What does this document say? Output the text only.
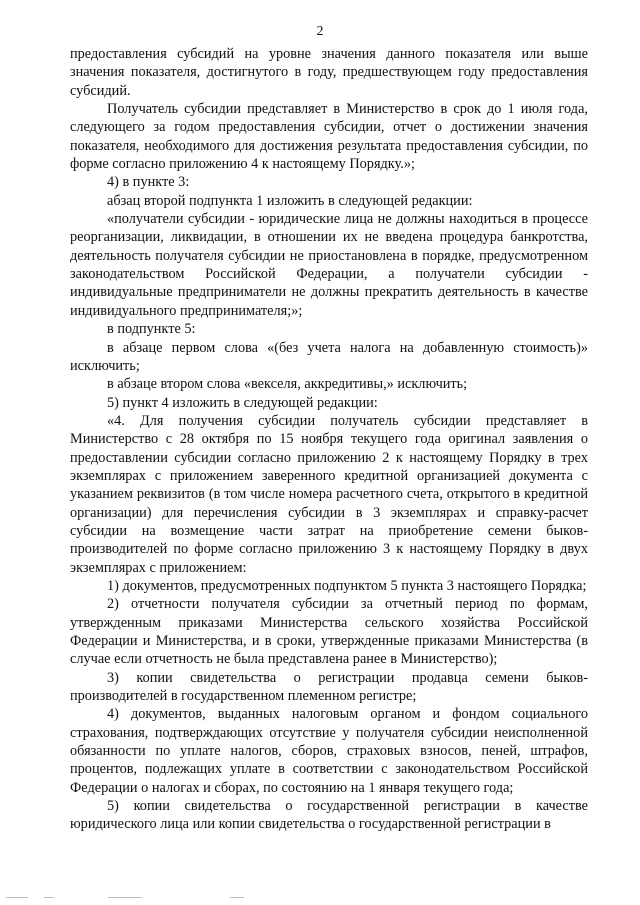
2

предоставления субсидий на уровне значения данного показателя или выше значения показателя, достигнутого в году, предшествующем году предоставления субсидий.

Получатель субсидии представляет в Министерство в срок до 1 июля года, следующего за годом предоставления субсидии, отчет о достижении значения показателя, необходимого для достижения результата предоставления субсидии, по форме согласно приложению 4 к настоящему Порядку.»;

4) в пункте 3:

абзац второй подпункта 1 изложить в следующей редакции:

«получатели субсидии - юридические лица не должны находиться в процессе реорганизации, ликвидации, в отношении их не введена процедура банкротства, деятельность получателя субсидии не приостановлена в порядке, предусмотренном законодательством Российской Федерации, а получатели субсидии - индивидуальные предприниматели не должны прекратить деятельность в качестве индивидуального предпринимателя;»;

в подпункте 5:

в абзаце первом слова «(без учета налога на добавленную стоимость)» исключить;

в абзаце втором слова «векселя, аккредитивы,» исключить;

5) пункт 4 изложить в следующей редакции:

«4. Для получения субсидии получатель субсидии представляет в Министерство с 28 октября по 15 ноября текущего года оригинал заявления о предоставлении субсидии согласно приложению 2 к настоящему Порядку в трех экземплярах с приложением заверенного кредитной организацией документа с указанием реквизитов (в том числе номера расчетного счета, открытого в кредитной организации) для перечисления субсидии в 3 экземплярах и справку-расчет субсидии на возмещение части затрат на приобретение семени быков-производителей по форме согласно приложению 3 к настоящему Порядку в двух экземплярах с приложением:

1) документов, предусмотренных подпунктом 5 пункта 3 настоящего Порядка;

2) отчетности получателя субсидии за отчетный период по формам, утвержденным приказами Министерства сельского хозяйства Российской Федерации и Министерства, и в сроки, утвержденные приказами Министерства (в случае если отчетность не была представлена ранее в Министерство);

3) копии свидетельства о регистрации продавца семени быков-производителей в государственном племенном регистре;

4) документов, выданных налоговым органом и фондом социального страхования, подтверждающих отсутствие у получателя субсидии неисполненной обязанности по уплате налогов, сборов, страховых взносов, пеней, штрафов, процентов, подлежащих уплате в соответствии с законодательством Российской Федерации о налогах и сборах, по состоянию на 1 января текущего года;

5) копии свидетельства о государственной регистрации в качестве юридического лица или копии свидетельства о государственной регистрации в
